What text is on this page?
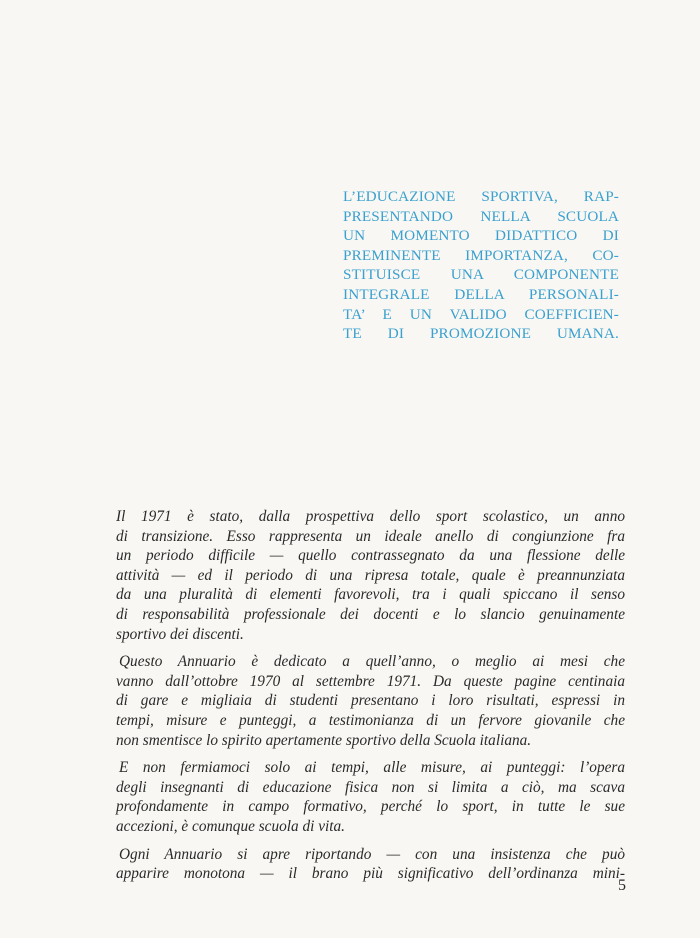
L’EDUCAZIONE SPORTIVA, RAP-
PRESENTANDO NELLA SCUOLA
UN MOMENTO DIDATTICO DI
PREMINENTE IMPORTANZA, CO-
STITUISCE UNA COMPONENTE
INTEGRALE DELLA PERSONALI-
TA’ E UN VALIDO COEFFICIEN-
TE DI PROMOZIONE UMANA.
Il 1971 è stato, dalla prospettiva dello sport scolastico, un anno
di transizione. Esso rappresenta un ideale anello di congiunzione fra
un periodo difficile — quello contrassegnato da una flessione delle
attività — ed il periodo di una ripresa totale, quale è preannunziata
da una pluralità di elementi favorevoli, tra i quali spiccano il senso
di responsabilità professionale dei docenti e lo slancio genuinamente
sportivo dei discenti.
Questo Annuario è dedicato a quell’anno, o meglio ai mesi che
vanno dall’ottobre 1970 al settembre 1971. Da queste pagine centinaia
di gare e migliaia di studenti presentano i loro risultati, espressi in
tempi, misure e punteggi, a testimonianza di un fervore giovanile che
non smentisce lo spirito apertamente sportivo della Scuola italiana.
E non fermiamoci solo ai tempi, alle misure, ai punteggi: l’opera
degli insegnanti di educazione fisica non si limita a ciò, ma scava
profondamente in campo formativo, perché lo sport, in tutte le sue
accezioni, è comunque scuola di vita.
Ogni Annuario si apre riportando — con una insistenza che può
apparire monotona — il brano più significativo dell’ordinanza mini-
5
